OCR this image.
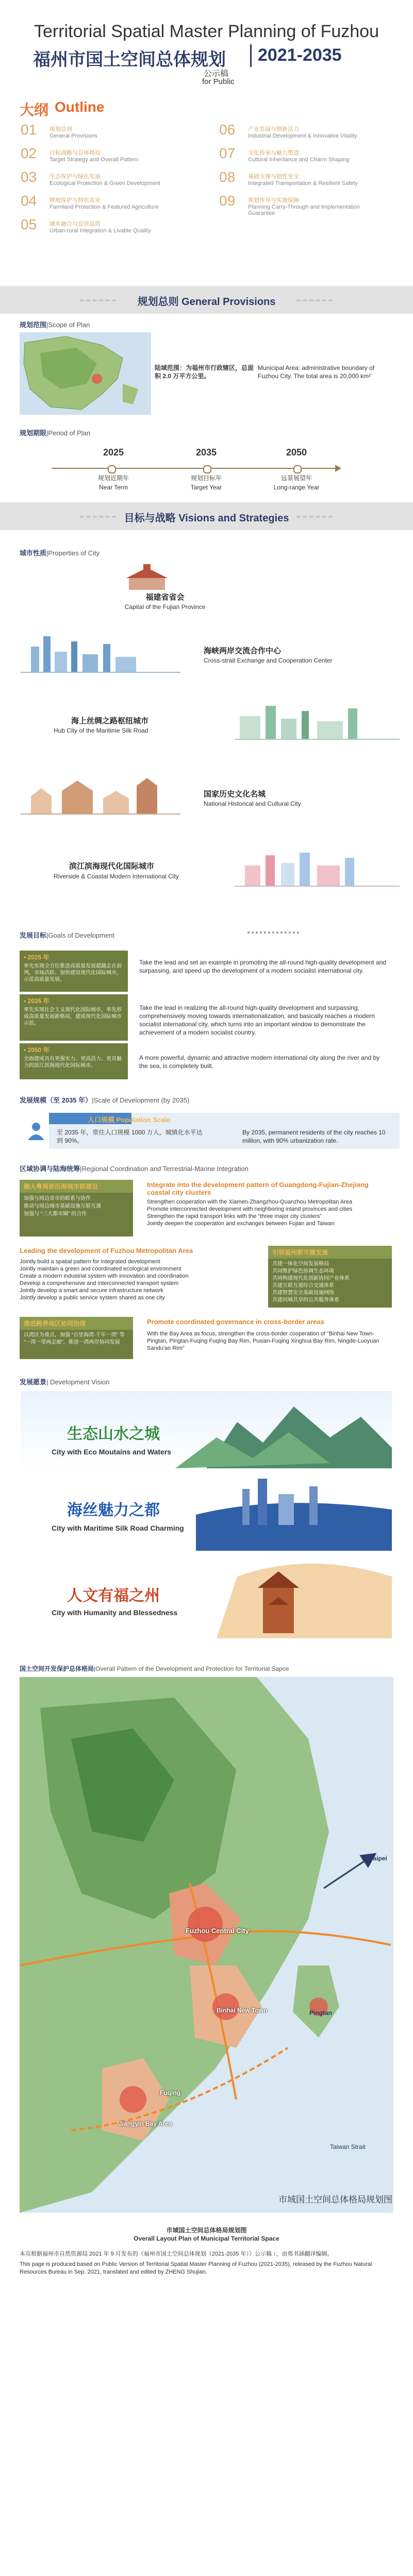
Territorial Spatial Master Planning of Fuzhou
福州市国土空间总体规划 2021-2035
公示稿
for Public
大纲 Outline
01 规划总则
General Provisions
02 目标战略与总体格局
Target Strategy and Overall Pattern
03 生态保护与绿色发展
Ecological Protection & Green Development
04 耕地保护与特色农业
Farmland Protection & Featured Agriculture
05 城乡融合与宜居品质
Urban-rural Integration & Livable Quality
06 产业发展与创新活力
Industrial Development & Innovative Vitality
07 文化传承与魅力塑造
Cultural Inheritance and Charm Shaping
08 基础支撑与韧性安全
Integrated Transportation & Resilient Safety
09 规划传导与实施保障
Planning Carry-Through and Implementation Guarantee
规划总则 General Provisions
规划范围|Scope of Plan
陆域范围：为福州市行政辖区，总面积 2.0 万平方公里。
Municipal Area: administrative boundary of Fuzhou City. The total area is 20,000 km²
规划期限|Period of Plan
2025
规划近期年
Near Term
2035
规划目标年
Target Year
2050
远景展望年
Long-range Year
目标与战略 Visions and Strategies
城市性质|Properties of City
福建省省会
Capital of the Fujian Province
海峡两岸交流合作中心
Cross-strait Exchange and Cooperation Center
海上丝绸之路枢纽城市
Hub City of the Maritime Silk Road
国家历史文化名城
National Historical and Cultural City
滨江滨海现代化国际城市
Riverside & Coastal Modern International City
发展目标|Goals of Development
• 2025 年
率先实现全方位推进高质量发展超越走在前列，市场活跃、加快建设现代化国际城市，示范高质量发展。
Take the lead and set an example in promoting the all-round high-quality development and surpassing, and speed up the development of a modern socialist international city.
• 2035 年
率先实现社会主义现代化国际城市，率先形成高质量发展新格局，建成现代化国际城市示范。
Take the lead in realizing the all-round high-quality development and surpassing, comprehensively moving towards internationalization, and basically reaches a modern socialist international city, which turns into an important window to demonstrate the achievement of a modern socialist country.
• 2050 年
全面建成具有更强实力、更高活力、更具魅力的滨江滨海现代化国际城市。
A more powerful, dynamic and attractive modern international city along the river and by the sea, is completely built.
发展规模（至 2035 年）|Scale of Development (by 2035)
人口规模 Population Scale
至 2035 年，常住人口规模 1000 万人，城镇化水平达到 90%。
By 2035, permanent residents of the city reaches 10 million, with 90% urbanization rate.
区域协调与陆海统筹|Regional Coordination and Terrestrial-Marine Integration
融入粤闽浙沿海城市群建设
加强与周边省市的联系与协作
推动与周边城市基础设施互联互通
加强与 “三大都市圈” 的合作
Integrate into the development pattern of Guangdong-Fujian-Zhejiang coastal city clusters
Strengthen cooperation with the Xiamen-Zhangzhou-Quanzhou Metropolitan Area
Promote interconnected development with neighboring inland provinces and cities
Strengthen the rapid transport links with the "three major city clusters"
Jointly deepen the cooperation and exchanges between Fujian and Taiwan
Leading the development of Fuzhou Metropolitan Area
Jointly build a spatial pattern for integrated development
Jointly maintain a green and coordinated ecological environment
Create a modern industrial system with innovation and coordination
Develop a comprehensive and interconnected transport system
Jointly develop a smart and secure infrastructure network
Jointly develop a public service system shared as one city
引领福州都市圈发展
共建一体化空间发展格局
共同维护绿色协调生态环境
共同构建现代化创新协同产业体系
共建互联互通综合交通体系
共建智慧安全基础设施网络
共建同城共享的公共服务体系
推进跨界地区协同治理
以湾区为重点，加强 “百里海湾·千年一湾” 等 “一湾一带两走廊”，推进一湾两岸协同发展
Promote coordinated governance in cross-border areas
With the Bay Area as focus, strengthen the cross-border cooperation of "Binhai New Town-Pingtan, Pinglan-Fuqing Fuqing Bay Rim, Puxian-Fuqing Xinghua Bay Rim, Ningde-Luoyuan Sandu'ao Rim"
发展愿景| Development Vision
生态山水之城
City with Eco Moutains and Waters
海丝魅力之都
City with Maritime Silk Road Charming
人文有福之州
City with Humanity and Blessedness
国土空间开发保护总体格局|Overall Pattern of the Development and Protection for Territorial Sapce
Fuzhou Central City
Binhai New Town
Fuqing
Jiangyin Bay Area
To Taipei
Taiwan Strait
Pingtan
市域国土空间总体格局规划图
市域国土空间总体格局规划图
Overall Layout Plan of Municipal Territorial Space
本页根据福州市自然资源局 2021 年 9 月发布的《福州市国土空间总体规划（2021-2035 年）》公示稿 ↑，由郑书涵翻译编辑。
This page is produced based on Public Version of Territorial Spatial Master Planning of Fuzhou (2021-2035), released by the Fuzhou Natural Resources Bureau in Sep. 2021, translated and edited by ZHENG Shujian.
